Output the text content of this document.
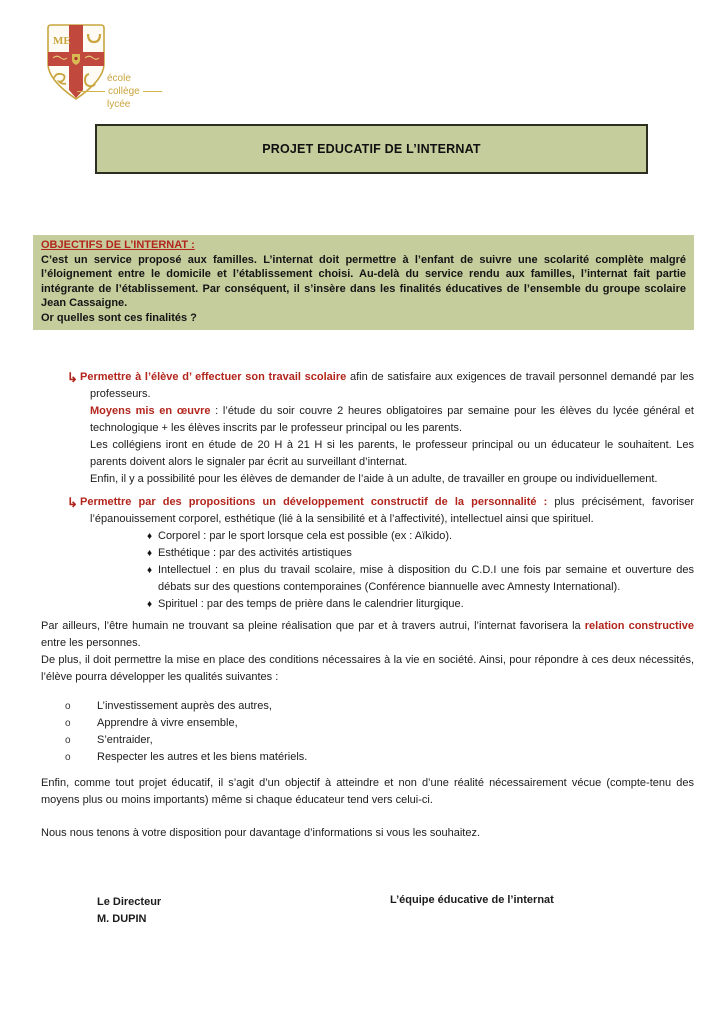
ME
école
collège
lycée
PROJET EDUCATIF DE L’INTERNAT
OBJECTIFS DE L’INTERNAT :
C’est un service proposé aux familles. L’internat doit permettre à l’enfant de suivre une scolarité complète malgré l’éloignement entre le domicile et l’établissement choisi. Au-delà du service rendu aux familles, l’internat fait partie intégrante de l’établissement. Par conséquent, il s’insère dans les finalités éducatives de l’ensemble du groupe scolaire Jean Cassaigne.
Or quelles sont ces finalités ?
↳ Permettre à l’élève d’ effectuer son travail scolaire afin de satisfaire aux exigences de travail personnel demandé par les professeurs.

Moyens mis en œuvre : l’étude du soir couvre 2 heures obligatoires par semaine pour les élèves du lycée général et technologique + les élèves inscrits par le professeur principal ou les parents.

Les collégiens iront en étude de 20 H à 21 H si les parents, le professeur principal ou un éducateur le souhaitent. Les parents doivent alors le signaler par écrit au surveillant d’internat.

Enfin, il y a possibilité pour les élèves de demander de l’aide à un adulte, de travailler en groupe ou individuellement.

↳ Permettre par des propositions un développement constructif de la personnalité : plus précisément, favoriser l’épanouissement corporel, esthétique (lié à la sensibilité et à l’affectivité), intellectuel ainsi que spirituel.

♦ Corporel : par le sport lorsque cela est possible (ex : Aïkido).
♦ Esthétique : par des activités artistiques
♦ Intellectuel : en plus du travail scolaire, mise à disposition du C.D.I une fois par semaine et ouverture des débats sur des questions contemporaines (Conférence biannuelle avec Amnesty International).
♦ Spirituel : par des temps de prière dans le calendrier liturgique.

Par ailleurs, l’être humain ne trouvant sa pleine réalisation que par et à travers autrui, l’internat favorisera la relation constructive entre les personnes.

De plus, il doit permettre la mise en place des conditions nécessaires à la vie en société. Ainsi, pour répondre à ces deux nécessités, l’élève pourra développer les qualités suivantes :

o L’investissement auprès des autres,
o Apprendre à vivre ensemble,
o S’entraider,
o Respecter les autres et les biens matériels.

Enfin, comme tout projet éducatif, il s’agit d’un objectif à atteindre et non d’une réalité nécessairement vécue (compte-tenu des moyens plus ou moins importants) même si chaque éducateur tend vers celui-ci.

Nous nous tenons à votre disposition pour davantage d’informations si vous les souhaitez.

Le Directeur
M. DUPIN
L’équipe éducative de l’internat
